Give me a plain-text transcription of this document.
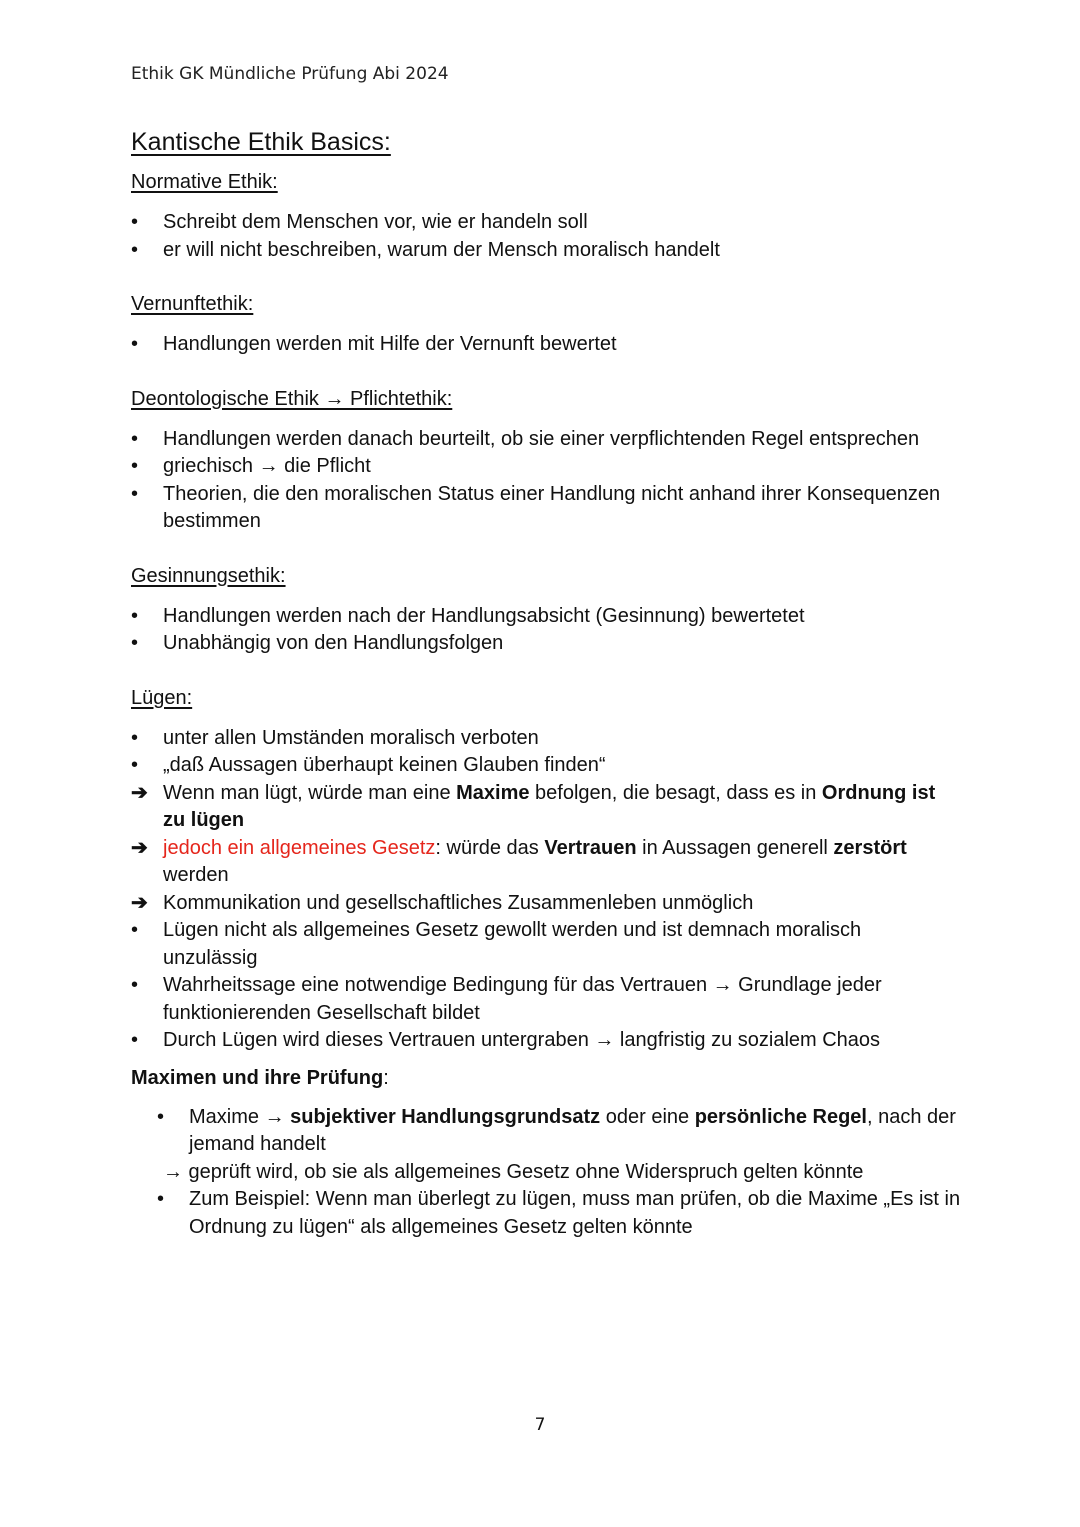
Ethik GK Mündliche Prüfung Abi 2024
Kantische Ethik Basics:
Normative Ethik:
•
Schreibt dem Menschen vor, wie er handeln soll
•
er will nicht beschreiben, warum der Mensch moralisch handelt
Vernunftethik:
•
Handlungen werden mit Hilfe der Vernunft bewertet
Deontologische Ethik → Pflichtethik:
•
Handlungen werden danach beurteilt, ob sie einer verpflichtenden Regel entsprechen
•
griechisch → die Pflicht
•
Theorien, die den moralischen Status einer Handlung nicht anhand ihrer Konsequenzen bestimmen
Gesinnungsethik:
•
Handlungen werden nach der Handlungsabsicht (Gesinnung) bewertetet
•
Unabhängig von den Handlungsfolgen
Lügen:
•
unter allen Umständen moralisch verboten
•
„daß Aussagen überhaupt keinen Glauben finden“
➔ Wenn man lügt, würde man eine Maxime befolgen, die besagt, dass es in Ordnung ist zu lügen
➔ jedoch ein allgemeines Gesetz: würde das Vertrauen in Aussagen generell zerstört werden
➔ Kommunikation und gesellschaftliches Zusammenleben unmöglich
•
Lügen nicht als allgemeines Gesetz gewollt werden und ist demnach moralisch unzulässig
•
Wahrheitssage eine notwendige Bedingung für das Vertrauen → Grundlage jeder funktionierenden Gesellschaft bildet
•
Durch Lügen wird dieses Vertrauen untergraben → langfristig zu sozialem Chaos
Maximen und ihre Prüfung:
•
Maxime → subjektiver Handlungsgrundsatz oder eine persönliche Regel, nach der jemand handelt
→ geprüft wird, ob sie als allgemeines Gesetz ohne Widerspruch gelten könnte
•
Zum Beispiel: Wenn man überlegt zu lügen, muss man prüfen, ob die Maxime „Es ist in Ordnung zu lügen“ als allgemeines Gesetz gelten könnte
7
